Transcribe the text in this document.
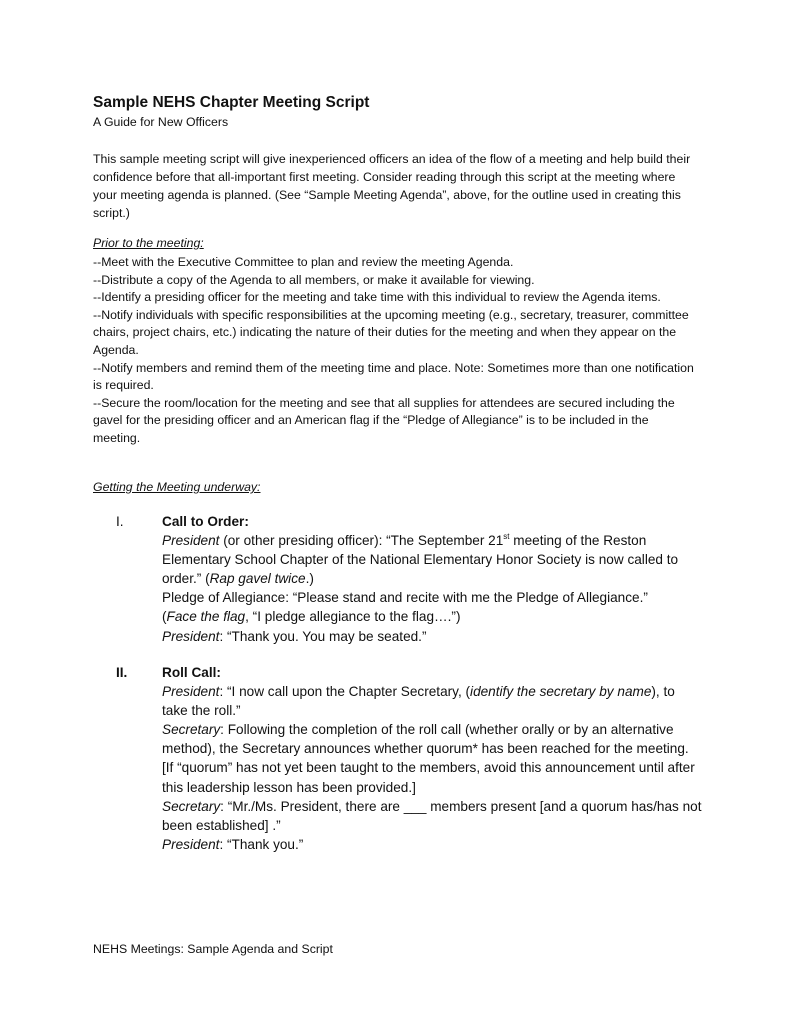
Sample NEHS Chapter Meeting Script
A Guide for New Officers
This sample meeting script will give inexperienced officers an idea of the flow of a meeting and help build their confidence before that all-important first meeting. Consider reading through this script at the meeting where your meeting agenda is planned. (See “Sample Meeting Agenda”, above, for the outline used in creating this script.)
Prior to the meeting:

--Meet with the Executive Committee to plan and review the meeting Agenda.

--Distribute a copy of the Agenda to all members, or make it available for viewing.

--Identify a presiding officer for the meeting and take time with this individual to review the Agenda items.

--Notify individuals with specific responsibilities at the upcoming meeting (e.g., secretary, treasurer, committee chairs, project chairs, etc.) indicating the nature of their duties for the meeting and when they appear on the Agenda.

--Notify members and remind them of the meeting time and place. Note: Sometimes more than one notification is required.

--Secure the room/location for the meeting and see that all supplies for attendees are secured including the gavel for the presiding officer and an American flag if the “Pledge of Allegiance” is to be included in the meeting.

Getting the Meeting underway:
I.	Call to Order:

President (or other presiding officer): “The September 21st meeting of the Reston Elementary School Chapter of the National Elementary Honor Society is now called to order.” (Rap gavel twice.)

Pledge of Allegiance: “Please stand and recite with me the Pledge of Allegiance.”

(Face the flag, “I pledge allegiance to the flag….”)

President: “Thank you. You may be seated.”

II.	Roll Call:

President: “I now call upon the Chapter Secretary, (identify the secretary by name), to take the roll.”

Secretary: Following the completion of the roll call (whether orally or by an alternative method), the Secretary announces whether quorum* has been reached for the meeting. [If “quorum” has not yet been taught to the members, avoid this announcement until after this leadership lesson has been provided.]

Secretary: “Mr./Ms. President, there are ___ members present [and a quorum has/has not been established] .”

President: “Thank you.”

NEHS Meetings: Sample Agenda and Script
